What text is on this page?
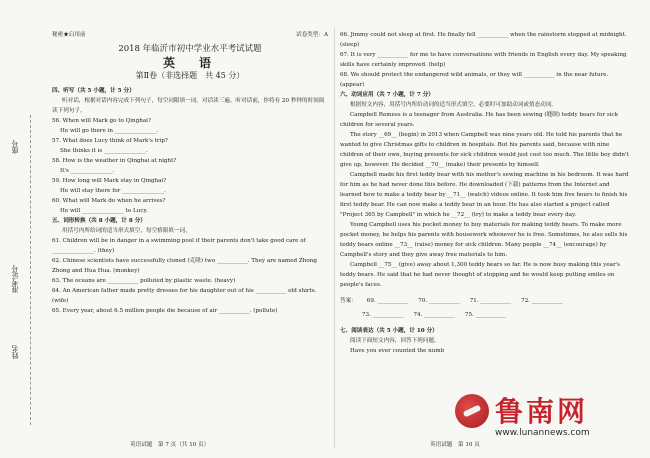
座号
准考证号
姓名
秘密★启用前	试卷类型：A
2018 年临沂市初中学业水平考试试题
英　语
第Ⅱ卷（非选择题　共 45 分）
四、听写（共 5 小题，计 5 分）
听对话，根据对话内容完成下列句子，每空词限填一词。对话读三遍。听对话前，你将有 20 秒钟的时间阅读下列句子。
56. When will Mark go to Qinghai?
He will go there in _______________.
57. What does Lucy think of Mark's trip?
She thinks it is _______________.
58. How is the weather in Qinghai at night?
It's _______________.
59. How long will Mark stay in Qinghai?
He will stay there for _______________.
60. What will Mark do when he arrives?
He will _______________ to Lucy.
五、词形转换（共 8 小题，计 8 分）
用括号内所给词的适当形式填空，每空格限填一词。
61. Children will be in danger in a swimming pool if their parents don't take good care of _______________. (they)
62. Chinese scientists have successfully cloned (克隆) two ___________. They are named Zhong Zhong and Hua Hua. (monkey)
63. The oceans are ___________ polluted by plastic waste. (heavy)
64. An American father made pretty dresses for his daughter out of his ___________ old shirts. (wife)
65. Every year, about 6.5 million people die because of air ___________. (pollute)
66. Jimmy could not sleep at first. He finally fell ___________ when the rainstorm stopped at midnight. (sleep)
67. It is very ___________ for me to have conversations with friends in English every day. My speaking skills have certainly improved. (help)
68. We should protect the endangered wild animals, or they will ___________ in the near future. (appear)
六、动词应用（共 7 小题，计 7 分）
根据短文内容，用括号内所给动词的适当形式填空，必要时可加助动词或情态动词。
Campbell Remess is a teenager from Australia. He has been sewing (缝制) teddy bears for sick children for several years.
The story __69__ (begin) in 2013 when Campbell was nine years old. He told his parents that he wanted to give Christmas gifts to children in hospitals. But his parents said, because with nine children of their own, buying presents for sick children would just cost too much. The little boy didn't give up, however. He decided __70__ (make) their presents by himself.
Campbell made his first teddy bear with his mother's sewing machine in his bedroom. It was hard for him as he had never done this before. He downloaded (下载) patterns from the Internet and learned how to make a teddy bear by __71__ (watch) videos online. It took him five hours to finish his first teddy bear. He can now make a teddy bear in an hour. He has also started a project called "Project 365 by Campbell" in which he __72__ (try) to make a teddy bear every day.
Young Campbell uses his pocket money to buy materials for making teddy bears. To make more pocket money, he helps his parents with housework whenever he is free. Sometimes, he also sells his teddy bears online __73__ (raise) money for sick children. Many people __74__ (encourage) by Campbell's story and they give away free materials to him.
Campbell __75__ (give) away about 1,300 teddy bears so far. He is now busy making this year's teddy bears. He said that he had never thought of stopping and he would keep putting smiles on people's faces.
答案： 69. ___________ 70. ___________ 71. ___________ 72. ___________
73. ___________ 74. ___________ 75. ___________
七、阅读表达（共 5 小题，计 10 分）
阅读下面短文内容，回答下列问题。
Have you ever counted the numb
英语试题　第 7 页（共 10 页）	英语试题　第 10 页
鲁南网
www.lunannews.com
